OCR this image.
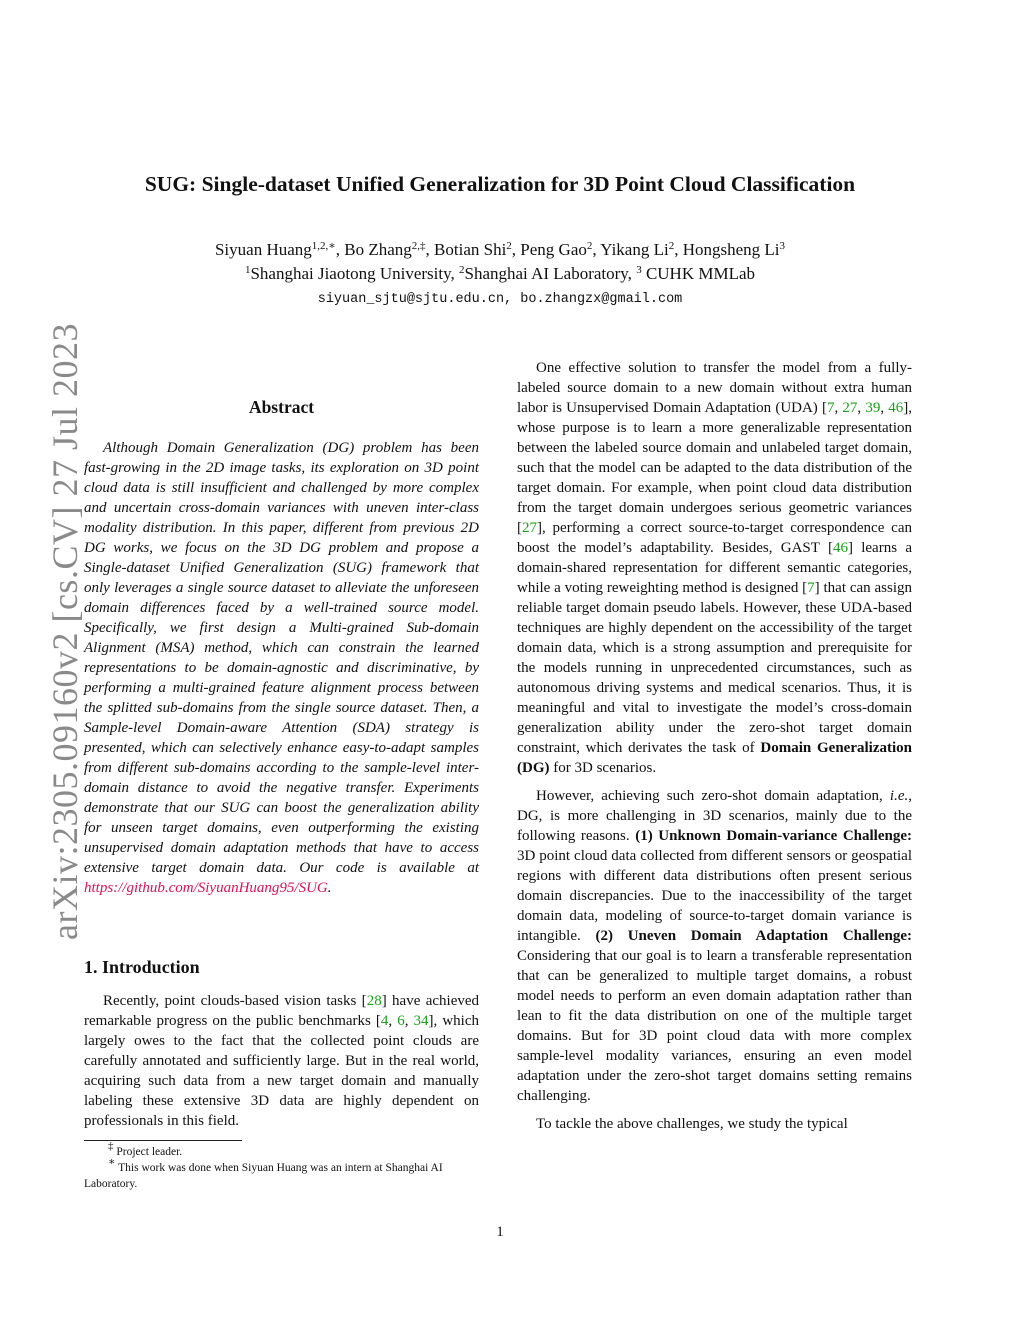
arXiv:2305.09160v2 [cs.CV] 27 Jul 2023
SUG: Single-dataset Unified Generalization for 3D Point Cloud Classification
Siyuan Huang$^{1,2,∗}$, Bo Zhang$^{2,\ddagger}$, Botian Shi$^2$, Peng Gao$^2$, Yikang Li$^2$, Hongsheng Li$^3$
$^1$Shanghai Jiaotong University, $^2$Shanghai AI Laboratory, $^3$ CUHK MMLab
siyuan_sjtu@sjtu.edu.cn, bo.zhangzx@gmail.com
Abstract
Although Domain Generalization (DG) problem has been fast-growing in the 2D image tasks, its exploration on 3D point cloud data is still insufficient and challenged by more complex and uncertain cross-domain variances with uneven inter-class modality distribution. In this paper, different from previous 2D DG works, we focus on the 3D DG problem and propose a Single-dataset Unified Generalization (SUG) framework that only leverages a single source dataset to alleviate the unforeseen domain differences faced by a well-trained source model. Specifically, we first design a Multi-grained Sub-domain Alignment (MSA) method, which can constrain the learned representations to be domain-agnostic and discriminative, by performing a multi-grained feature alignment process between the splitted sub-domains from the single source dataset. Then, a Sample-level Domain-aware Attention (SDA) strategy is presented, which can selectively enhance easy-to-adapt samples from different sub-domains according to the sample-level inter-domain distance to avoid the negative transfer. Experiments demonstrate that our SUG can boost the generalization ability for unseen target domains, even outperforming the existing unsupervised domain adaptation methods that have to access extensive target domain data. Our code is available at https://github.com/SiyuanHuang95/SUG.
1. Introduction
Recently, point clouds-based vision tasks [28] have achieved remarkable progress on the public benchmarks [4, 6, 34], which largely owes to the fact that the collected point clouds are carefully annotated and sufficiently large. But in the real world, acquiring such data from a new target domain and manually labeling these extensive 3D data are highly dependent on professionals in this field.

‡ Project leader.

∗ This work was done when Siyuan Huang was an intern at Shanghai AI Laboratory.

One effective solution to transfer the model from a fully-labeled source domain to a new domain without extra human labor is Unsupervised Domain Adaptation (UDA) [7, 27, 39, 46], whose purpose is to learn a more generalizable representation between the labeled source domain and unlabeled target domain, such that the model can be adapted to the data distribution of the target domain. For example, when point cloud data distribution from the target domain undergoes serious geometric variances [27], performing a correct source-to-target correspondence can boost the model’s adaptability. Besides, GAST [46] learns a domain-shared representation for different semantic categories, while a voting reweighting method is designed [7] that can assign reliable target domain pseudo labels. However, these UDA-based techniques are highly dependent on the accessibility of the target domain data, which is a strong assumption and prerequisite for the models running in unprecedented circumstances, such as autonomous driving systems and medical scenarios. Thus, it is meaningful and vital to investigate the model’s cross-domain generalization ability under the zero-shot target domain constraint, which derivates the task of Domain Generalization (DG) for 3D scenarios.

However, achieving such zero-shot domain adaptation, i.e., DG, is more challenging in 3D scenarios, mainly due to the following reasons. (1) Unknown Domain-variance Challenge: 3D point cloud data collected from different sensors or geospatial regions with different data distributions often present serious domain discrepancies. Due to the inaccessibility of the target domain data, modeling of source-to-target domain variance is intangible. (2) Uneven Domain Adaptation Challenge: Considering that our goal is to learn a transferable representation that can be generalized to multiple target domains, a robust model needs to perform an even domain adaptation rather than lean to fit the data distribution on one of the multiple target domains. But for 3D point cloud data with more complex sample-level modality variances, ensuring an even model adaptation under the zero-shot target domains setting remains challenging.

To tackle the above challenges, we study the typical

1
